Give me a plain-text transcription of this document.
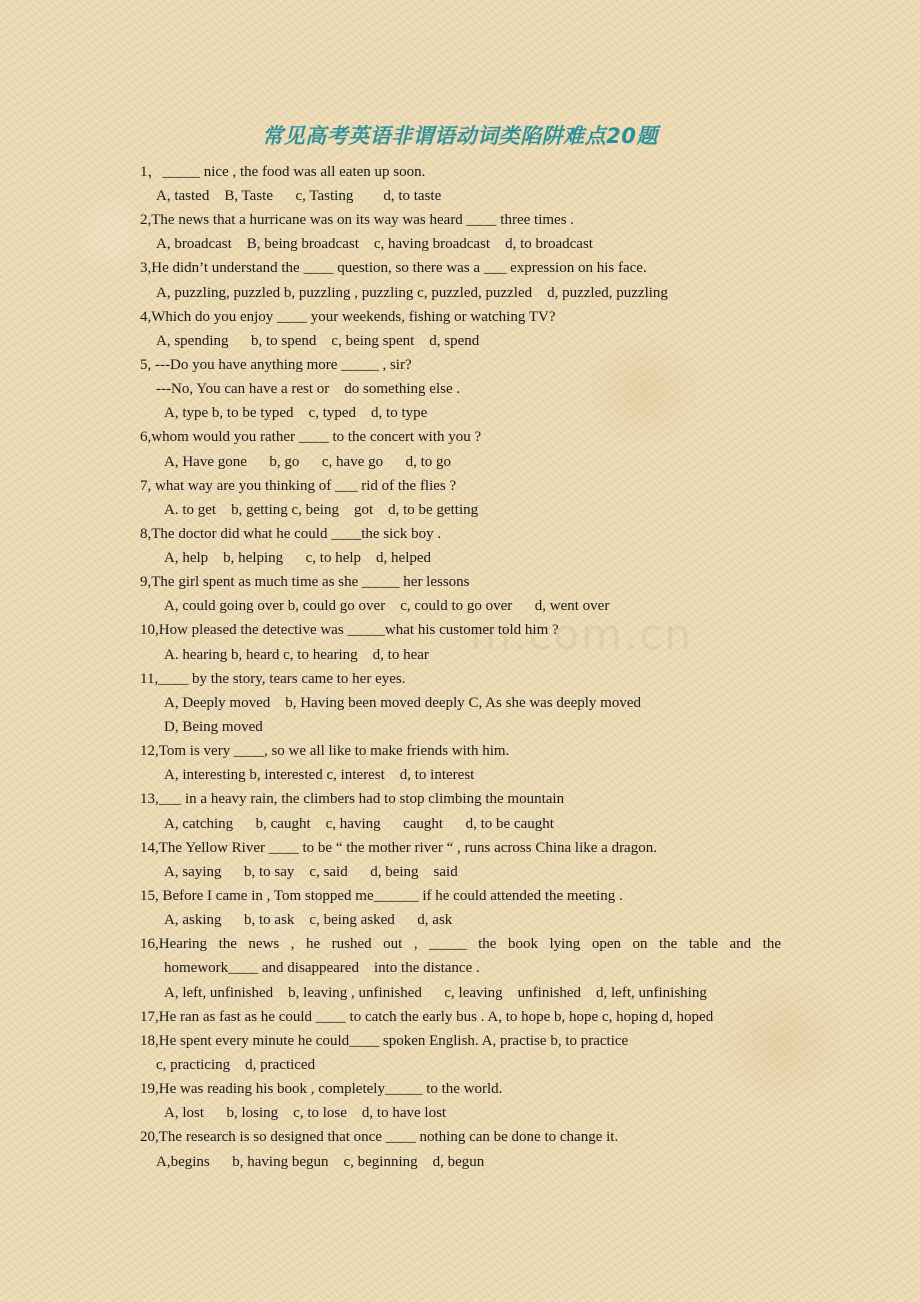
m.com.cn
常见高考英语非谓语动词类陷阱难点20题
1，_____ nice , the food was all eaten up soon.
A, tasted    B, Taste      c, Tasting        d, to taste
2,The news that a hurricane was on its way was heard ____ three times .
A, broadcast    B, being broadcast    c, having broadcast    d, to broadcast
3,He didn’t understand the ____ question, so there was a ___ expression on his face.
A, puzzling, puzzled b, puzzling , puzzling c, puzzled, puzzled    d, puzzled, puzzling
4,Which do you enjoy ____ your weekends, fishing or watching TV?
A, spending      b, to spend    c, being spent    d, spend
5, ---Do you have anything more _____ , sir?
---No, You can have a rest or    do something else .
A, type b, to be typed    c, typed    d, to type
6,whom would you rather ____ to the concert with you ?
A, Have gone      b, go      c, have go      d, to go
7, what way are you thinking of ___ rid of the flies ?
A. to get    b, getting c, being    got    d, to be getting
8,The doctor did what he could ____the sick boy .
A, help    b, helping      c, to help    d, helped
9,The girl spent as much time as she _____ her lessons
A, could going over b, could go over    c, could to go over      d, went over
10,How pleased the detective was _____what his customer told him ?
A. hearing b, heard c, to hearing    d, to hear
11,____ by the story, tears came to her eyes.
A, Deeply moved    b, Having been moved deeply C, As she was deeply moved
D, Being moved
12,Tom is very ____, so we all like to make friends with him.
A, interesting b, interested c, interest    d, to interest
13,___ in a heavy rain, the climbers had to stop climbing the mountain
A, catching      b, caught    c, having      caught      d, to be caught
14,The Yellow River ____ to be “ the mother river “ , runs across China like a dragon.
A, saying      b, to say    c, said      d, being    said
15, Before I came in , Tom stopped me______ if he could attended the meeting .
A, asking      b, to ask    c, being asked      d, ask
16,Hearing the news , he rushed out , _____ the book lying open on the table and the
homework____ and disappeared    into the distance .
A, left, unfinished    b, leaving , unfinished      c, leaving    unfinished    d, left, unfinishing
17,He ran as fast as he could ____ to catch the early bus . A, to hope b, hope c, hoping d, hoped
18,He spent every minute he could____ spoken English. A, practise b, to practice
c, practicing    d, practiced
19,He was reading his book , completely_____ to the world.
A, lost      b, losing    c, to lose    d, to have lost
20,The research is so designed that once ____ nothing can be done to change it.
A,begins      b, having begun    c, beginning    d, begun
